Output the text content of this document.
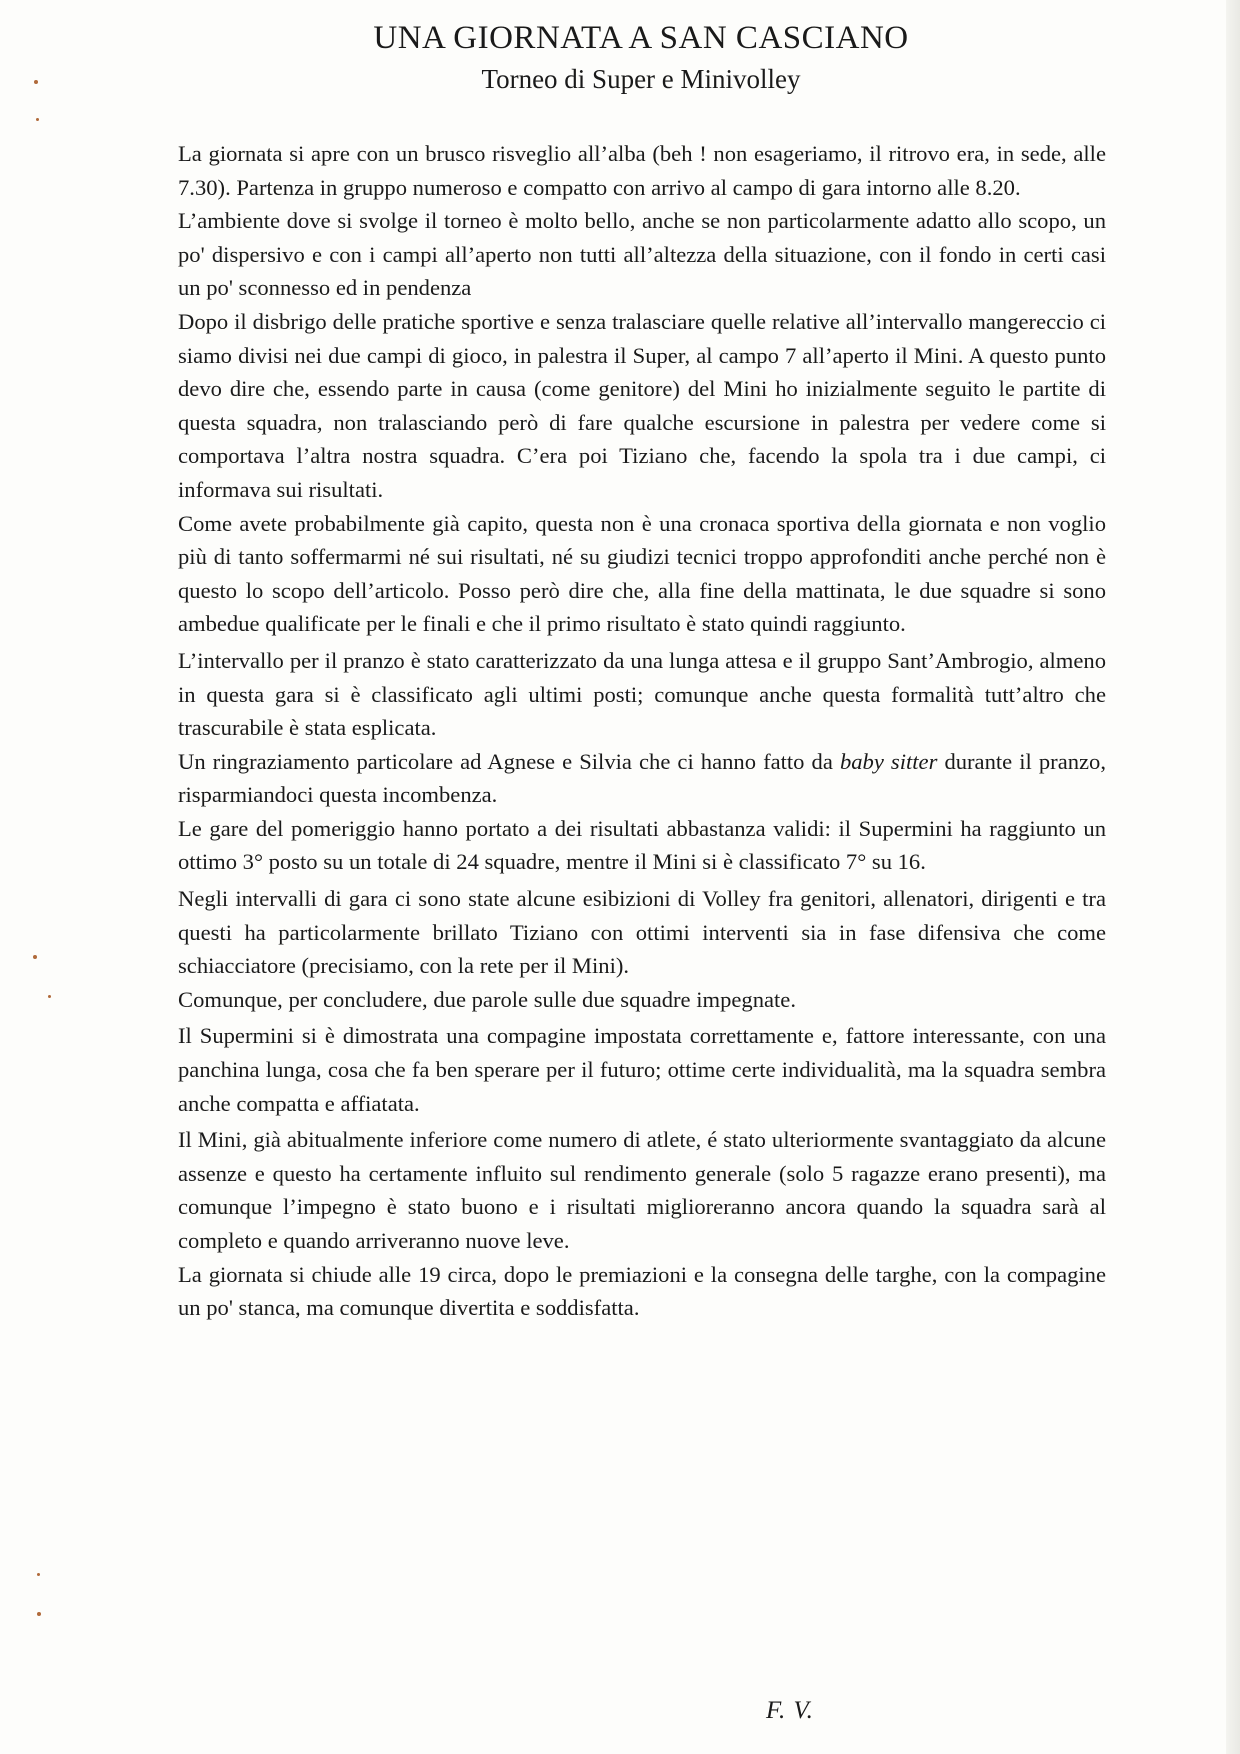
UNA GIORNATA A SAN CASCIANO
Torneo di Super e Minivolley

La giornata si apre con un brusco risveglio all’alba (beh ! non esageriamo, il ritrovo era, in sede, alle 7.30). Partenza in gruppo numeroso e compatto con arrivo al campo di gara intorno alle 8.20.

L’ambiente dove si svolge il torneo è molto bello, anche se non particolarmente adatto allo scopo, un po' dispersivo e con i campi all’aperto non tutti all’altezza della situazione, con il fondo in certi casi un po' sconnesso ed in pendenza

Dopo il disbrigo delle pratiche sportive e senza tralasciare quelle relative all’intervallo mangereccio ci siamo divisi nei due campi di gioco, in palestra il Super, al campo 7 all’aperto il Mini. A questo punto devo dire che, essendo parte in causa (come genitore) del Mini ho inizialmente seguito le partite di questa squadra, non tralasciando però di fare qualche escursione in palestra per vedere come si comportava l’altra nostra squadra. C’era poi Tiziano che, facendo la spola tra i due campi, ci informava sui risultati.

Come avete probabilmente già capito, questa non è una cronaca sportiva della giornata e non voglio più di tanto soffermarmi né sui risultati, né su giudizi tecnici troppo approfonditi anche perché non è questo lo scopo dell’articolo. Posso però dire che, alla fine della mattinata, le due squadre si sono ambedue qualificate per le finali e che il primo risultato è stato quindi raggiunto.

L’intervallo per il pranzo è stato caratterizzato da una lunga attesa e il gruppo Sant’Ambrogio, almeno in questa gara si è classificato agli ultimi posti; comunque anche questa formalità tutt’altro che trascurabile è stata esplicata.

Un ringraziamento particolare ad Agnese e Silvia che ci hanno fatto da baby sitter durante il pranzo, risparmiandoci questa incombenza.

Le gare del pomeriggio hanno portato a dei risultati abbastanza validi: il Supermini ha raggiunto un ottimo 3° posto su un totale di 24 squadre, mentre il Mini si è classificato 7° su 16.

Negli intervalli di gara ci sono state alcune esibizioni di Volley fra genitori, allenatori, dirigenti e tra questi ha particolarmente brillato Tiziano con ottimi interventi sia in fase difensiva che come schiacciatore (precisiamo, con la rete per il Mini).

Comunque, per concludere, due parole sulle due squadre impegnate.

Il Supermini si è dimostrata una compagine impostata correttamente e, fattore interessante, con una panchina lunga, cosa che fa ben sperare per il futuro; ottime certe individualità, ma la squadra sembra anche compatta e affiatata.

Il Mini, già abitualmente inferiore come numero di atlete, é stato ulteriormente svantaggiato da alcune assenze e questo ha certamente influito sul rendimento generale (solo 5 ragazze erano presenti), ma comunque l’impegno è stato buono e i risultati miglioreranno ancora quando la squadra sarà al completo e quando arriveranno nuove leve.

La giornata si chiude alle 19 circa, dopo le premiazioni e la consegna delle targhe, con la compagine un po' stanca, ma comunque divertita e soddisfatta.

F. V.
